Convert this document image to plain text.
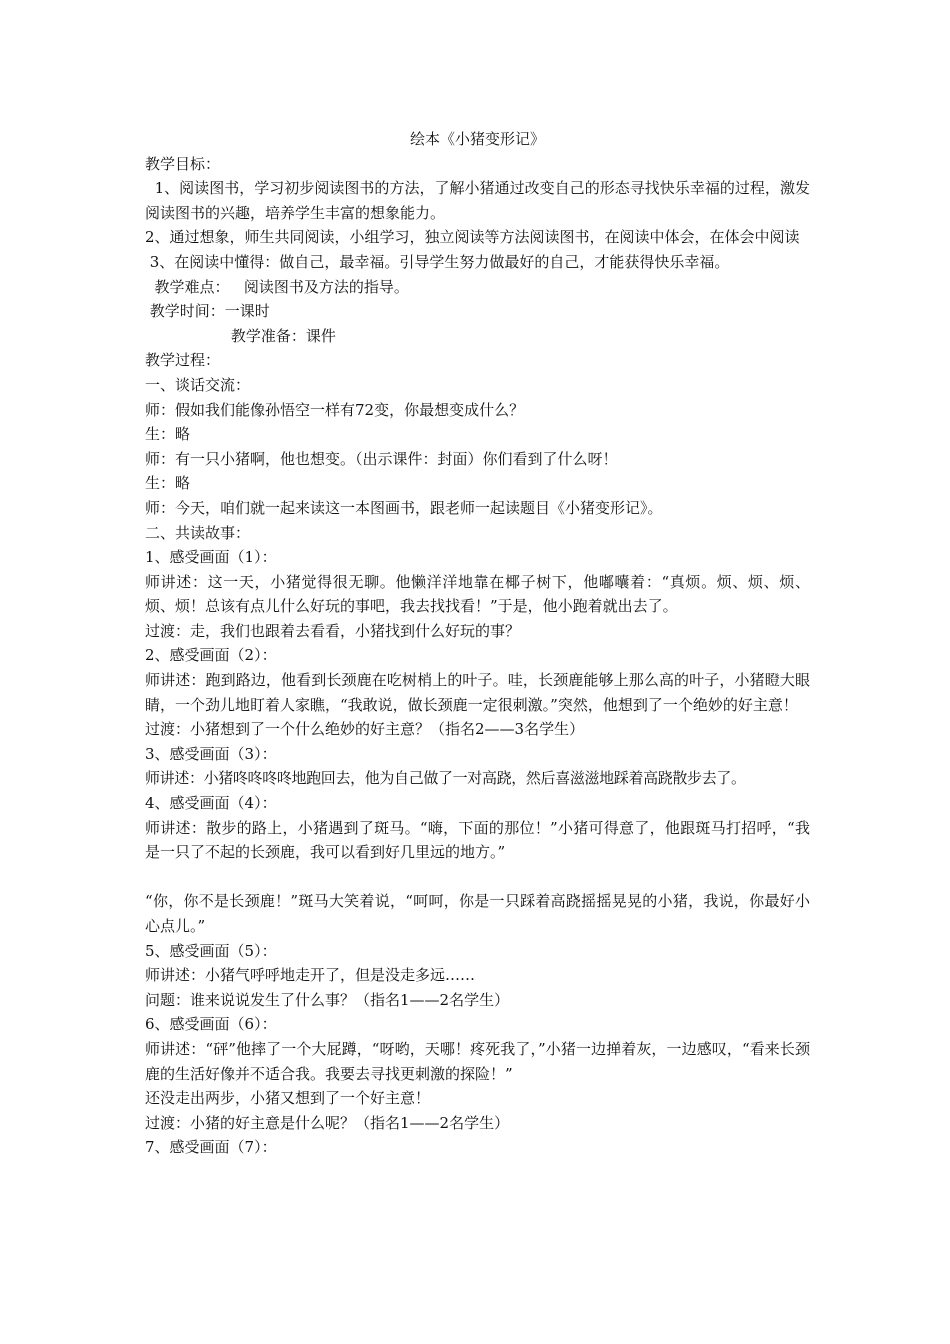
绘本《小猪变形记》
教学目标：
1、阅读图书，学习初步阅读图书的方法，了解小猪通过改变自己的形态寻找快乐幸福的过程，激发阅读图书的兴趣，培养学生丰富的想象能力。
2、通过想象，师生共同阅读，小组学习，独立阅读等方法阅读图书，在阅读中体会，在体会中阅读
3、在阅读中懂得：做自己，最幸福。引导学生努力做最好的自己，才能获得快乐幸福。
教学难点：   阅读图书及方法的指导。
教学时间：一课时
教学准备：课件
教学过程：
一、谈话交流：
师：假如我们能像孙悟空一样有72变，你最想变成什么？
生：略
师：有一只小猪啊，他也想变。（出示课件：封面）你们看到了什么呀！
生：略
师：今天，咱们就一起来读这一本图画书，跟老师一起读题目《小猪变形记》。
二、共读故事：
1、感受画面（1）：
师讲述：这一天，小猪觉得很无聊。他懒洋洋地靠在椰子树下，他嘟囔着：“真烦。烦、烦、烦、烦、烦！总该有点儿什么好玩的事吧，我去找找看！”于是，他小跑着就出去了。
过渡：走，我们也跟着去看看，小猪找到什么好玩的事？
2、感受画面（2）：
师讲述：跑到路边，他看到长颈鹿在吃树梢上的叶子。哇，长颈鹿能够上那么高的叶子，小猪瞪大眼睛，一个劲儿地盯着人家瞧，“我敢说，做长颈鹿一定很刺激。”突然，他想到了一个绝妙的好主意！
过渡：小猪想到了一个什么绝妙的好主意？（指名2——3名学生）
3、感受画面（3）：
师讲述：小猪咚咚咚咚地跑回去，他为自己做了一对高跷，然后喜滋滋地踩着高跷散步去了。
4、感受画面（4）：
师讲述：散步的路上，小猪遇到了斑马。“嗨，下面的那位！”小猪可得意了，他跟斑马打招呼，“我是一只了不起的长颈鹿，我可以看到好几里远的地方。”
“你，你不是长颈鹿！”斑马大笑着说，“呵呵，你是一只踩着高跷摇摇晃晃的小猪，我说，你最好小心点儿。”
5、感受画面（5）：
师讲述：小猪气呼呼地走开了，但是没走多远……
问题：谁来说说发生了什么事？（指名1——2名学生）
6、感受画面（6）：
师讲述：“砰”他摔了一个大屁蹲，“呀哟，天哪！疼死我了，”小猪一边掸着灰，一边感叹，“看来长颈鹿的生活好像并不适合我。我要去寻找更刺激的探险！”
还没走出两步，小猪又想到了一个好主意！
过渡：小猪的好主意是什么呢？（指名1——2名学生）
7、感受画面（7）：
